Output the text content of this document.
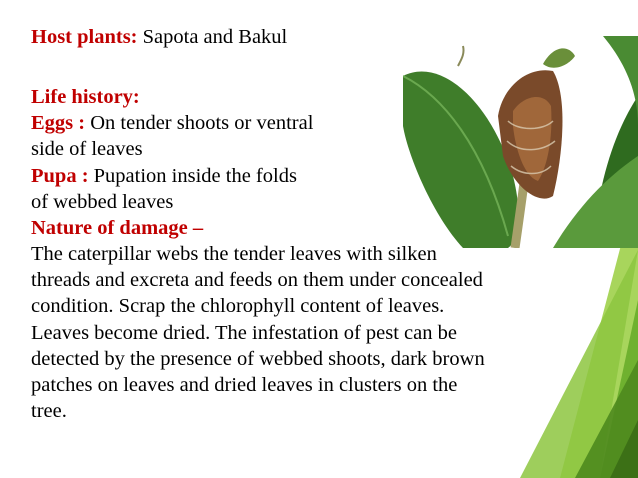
Host plants: Sapota and Bakul
Life history:
Eggs : On tender shoots or ventral
side of leaves
Pupa : Pupation inside the folds
of webbed leaves
Nature of damage –
The caterpillar webs the tender leaves with silken
threads and excreta and feeds on them under concealed
condition. Scrap the chlorophyll content of leaves.
Leaves become dried. The infestation of pest can be
detected by the presence of webbed shoots, dark brown
patches on leaves and dried leaves in clusters on the
tree.
